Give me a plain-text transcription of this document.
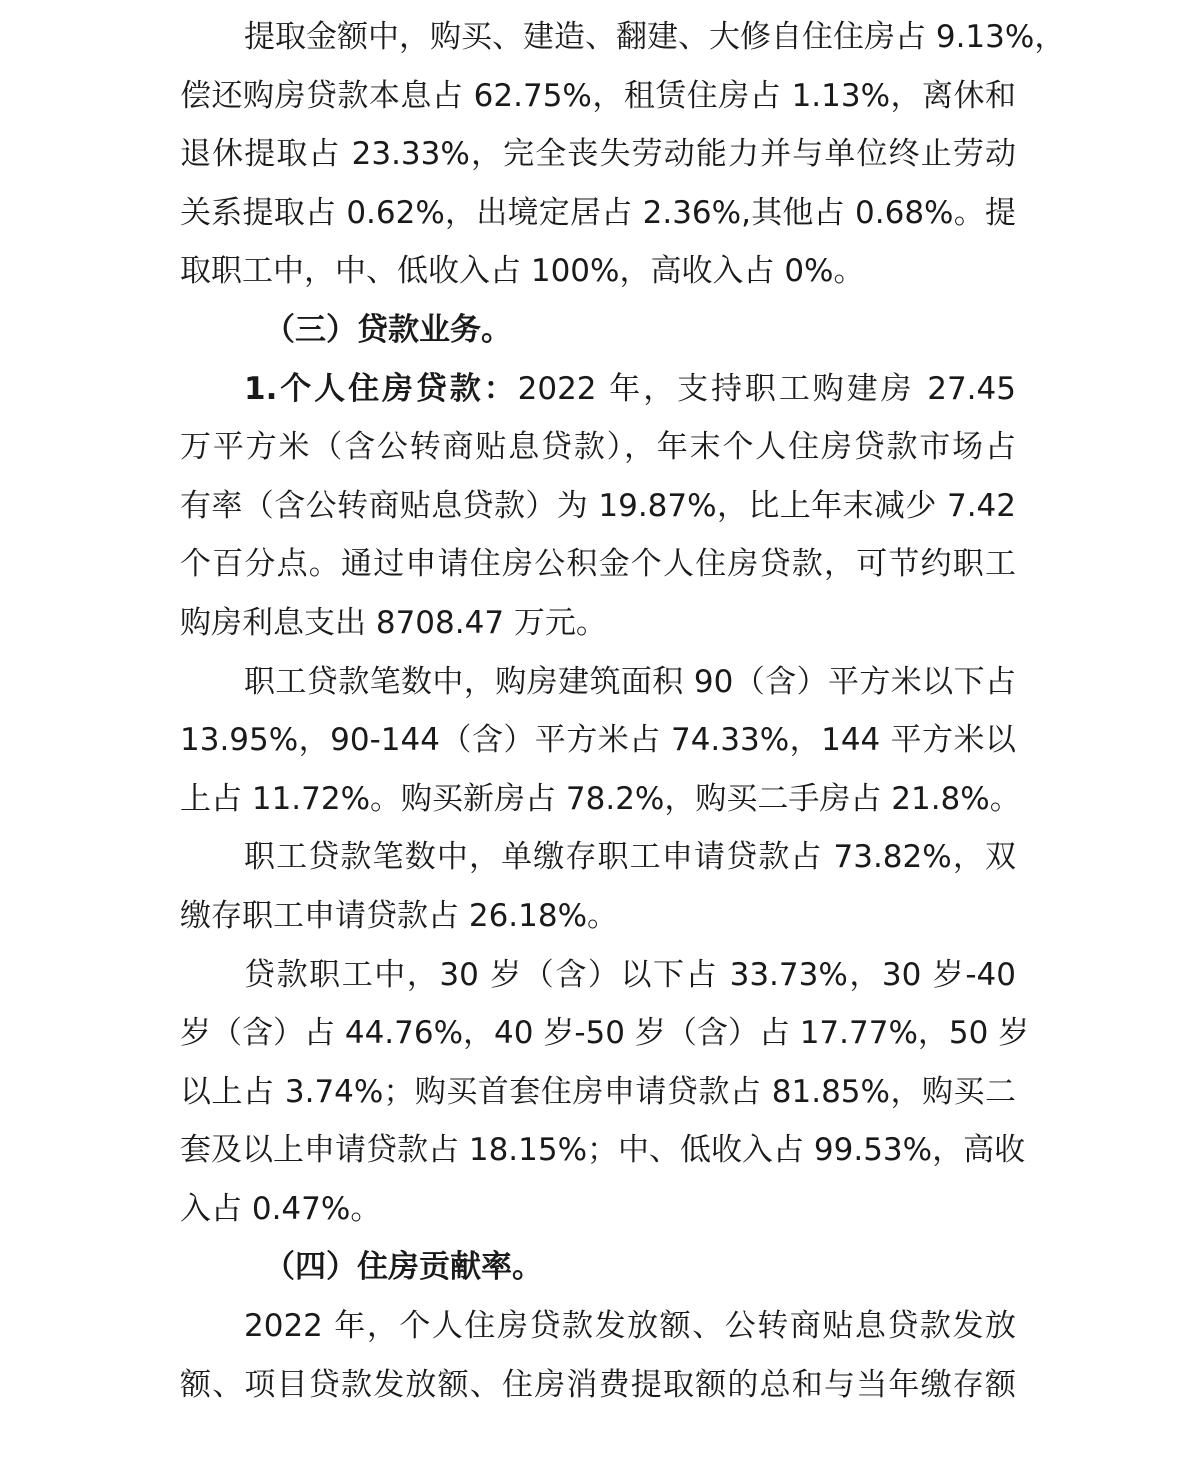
提取金额中，购买、建造、翻建、大修自住住房占 9.13%，
偿还购房贷款本息占 62.75%，租赁住房占 1.13%，离休和
退休提取占 23.33%，完全丧失劳动能力并与单位终止劳动
关系提取占 0.62%，出境定居占 2.36%,其他占 0.68%。提
取职工中，中、低收入占 100%，高收入占 0%。
（三）贷款业务。
1.个人住房贷款：2022 年，支持职工购建房 27.45
万平方米（含公转商贴息贷款），年末个人住房贷款市场占
有率（含公转商贴息贷款）为 19.87%，比上年末减少 7.42
个百分点。通过申请住房公积金个人住房贷款，可节约职工
购房利息支出 8708.47 万元。
职工贷款笔数中，购房建筑面积 90（含）平方米以下占
13.95%，90-144（含）平方米占 74.33%，144 平方米以
上占 11.72%。购买新房占 78.2%，购买二手房占 21.8%。
职工贷款笔数中，单缴存职工申请贷款占 73.82%，双
缴存职工申请贷款占 26.18%。
贷款职工中，30 岁（含）以下占 33.73%，30 岁-40
岁（含）占 44.76%，40 岁-50 岁（含）占 17.77%，50 岁
以上占 3.74%；购买首套住房申请贷款占 81.85%，购买二
套及以上申请贷款占 18.15%；中、低收入占 99.53%，高收
入占 0.47%。
（四）住房贡献率。
2022 年，个人住房贷款发放额、公转商贴息贷款发放
额、项目贷款发放额、住房消费提取额的总和与当年缴存额
